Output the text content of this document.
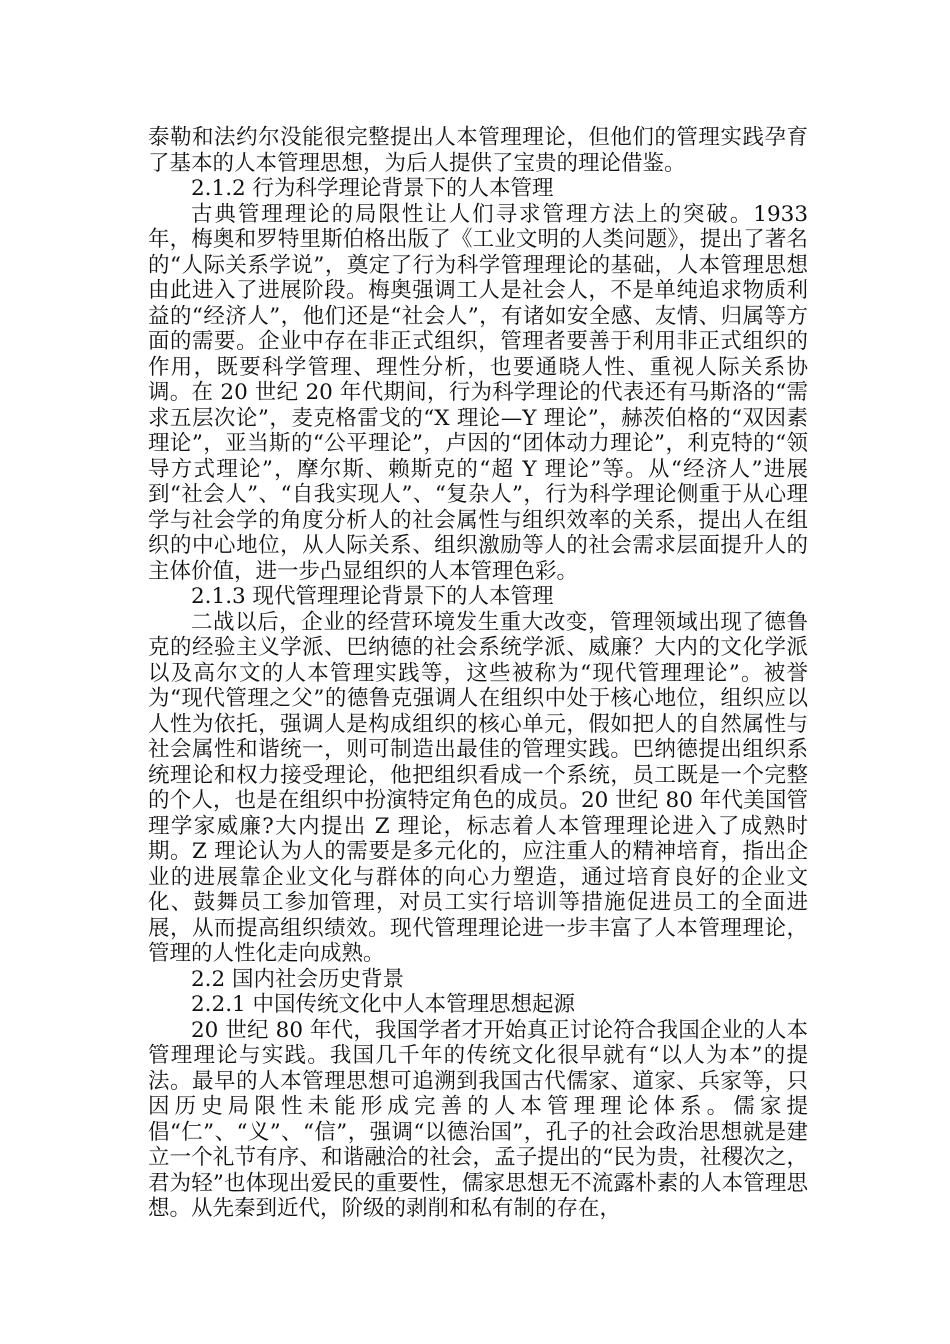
泰勒和法约尔没能很完整提出人本管理理论，但他们的管理实践孕育了基本的人本管理思想，为后人提供了宝贵的理论借鉴。

2.1.2 行为科学理论背景下的人本管理

古典管理理论的局限性让人们寻求管理方法上的突破。1933 年，梅奥和罗特里斯伯格出版了《工业文明的人类问题》，提出了著名的“人际关系学说”，奠定了行为科学管理理论的基础，人本管理思想由此进入了进展阶段。梅奥强调工人是社会人，不是单纯追求物质利益的“经济人”，他们还是“社会人”，有诸如安全感、友情、归属等方面的需要。企业中存在非正式组织，管理者要善于利用非正式组织的作用，既要科学管理、理性分析，也要通晓人性、重视人际关系协调。在 20 世纪 20 年代期间，行为科学理论的代表还有马斯洛的“需求五层次论”，麦克格雷戈的“X 理论—Y 理论”，赫茨伯格的“双因素理论”，亚当斯的“公平理论”，卢因的“团体动力理论”，利克特的“领导方式理论”，摩尔斯、赖斯克的“超 Y 理论”等。从“经济人”进展到“社会人”、“自我实现人”、“复杂人”，行为科学理论侧重于从心理学与社会学的角度分析人的社会属性与组织效率的关系，提出人在组织的中心地位，从人际关系、组织激励等人的社会需求层面提升人的主体价值，进一步凸显组织的人本管理色彩。

2.1.3 现代管理理论背景下的人本管理

二战以后，企业的经营环境发生重大改变，管理领域出现了德鲁克的经验主义学派、巴纳德的社会系统学派、威廉？大内的文化学派以及高尔文的人本管理实践等，这些被称为“现代管理理论”。被誉为“现代管理之父”的德鲁克强调人在组织中处于核心地位，组织应以人性为依托，强调人是构成组织的核心单元，假如把人的自然属性与社会属性和谐统一，则可制造出最佳的管理实践。巴纳德提出组织系统理论和权力接受理论，他把组织看成一个系统，员工既是一个完整的个人，也是在组织中扮演特定角色的成员。20 世纪 80 年代美国管理学家威廉?大内提出 Z 理论，标志着人本管理理论进入了成熟时期。Z 理论认为人的需要是多元化的，应注重人的精神培育，指出企业的进展靠企业文化与群体的向心力塑造，通过培育良好的企业文化、鼓舞员工参加管理，对员工实行培训等措施促进员工的全面进展，从而提高组织绩效。现代管理理论进一步丰富了人本管理理论，管理的人性化走向成熟。

2.2 国内社会历史背景

2.2.1 中国传统文化中人本管理思想起源

20 世纪 80 年代，我国学者才开始真正讨论符合我国企业的人本管理理论与实践。我国几千年的传统文化很早就有“以人为本”的提法。最早的人本管理思想可追溯到我国古代儒家、道家、兵家等，只因历史局限性未能形成完善的人本管理理论体系。儒家提倡“仁”、“义”、“信”，强调“以德治国”，孔子的社会政治思想就是建立一个礼节有序、和谐融洽的社会，孟子提出的“民为贵，社稷次之，君为轻”也体现出爱民的重要性，儒家思想无不流露朴素的人本管理思想。从先秦到近代，阶级的剥削和私有制的存在，
